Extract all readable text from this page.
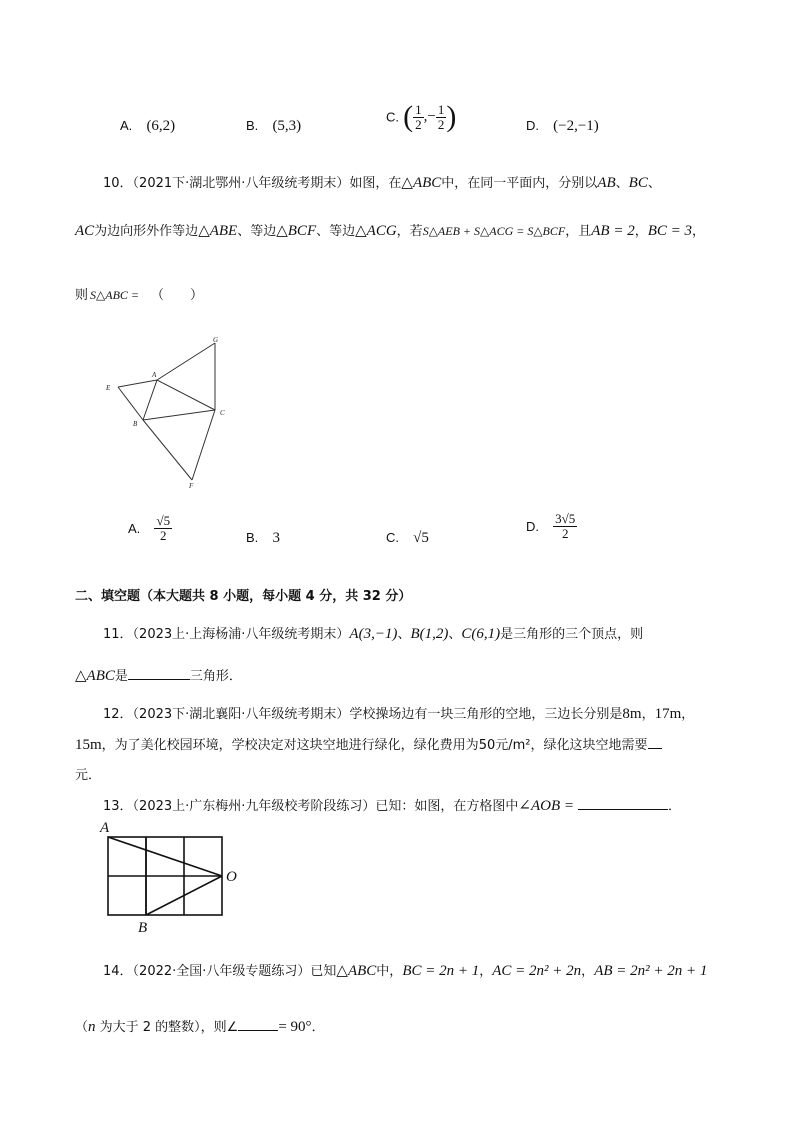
A. (6,2)	B. (5,3)
C. ( $\frac{1}{2}$ ,− $\frac{1}{2}$ )	D. (−2,−1)
10．（2021下·湖北鄂州·八年级统考期末）如图，在△ABC中，在同一平面内，分别以AB、BC、
AC为边向形外作等边△ABE、等边△BCF、等边△ACG，若S△AEB + S△ACG = S△BCF，且AB = 2，BC = 3，
则 S△ABC = （　　）
G
A
E
C
B
F
A. $\frac{√5}{2}$	B. 3	C. √5
D. $\frac{3√5}{2}$
二、填空题（本大题共 8 小题，每小题 4 分，共 32 分）
11．（2023上·上海杨浦·八年级统考期末）A(3,−1)、B(1,2)、C(6,1)是三角形的三个顶点，则
△ABC是	三角形．
12．（2023下·湖北襄阳·八年级统考期末）学校操场边有一块三角形的空地，三边长分别是8m，17m，
15m，为了美化校园环境，学校决定对这块空地进行绿化，绿化费用为50元/m²，绿化这块空地需要
元．
13．（2023上·广东梅州·九年级校考阶段练习）已知：如图，在方格图中∠AOB =	．
A
O
B
14．（2022·全国·八年级专题练习）已知△ABC中，BC = 2n + 1，AC = 2n² + 2n，AB = 2n² + 2n + 1
（n 为大于 2 的整数），则∠	= 90°．
